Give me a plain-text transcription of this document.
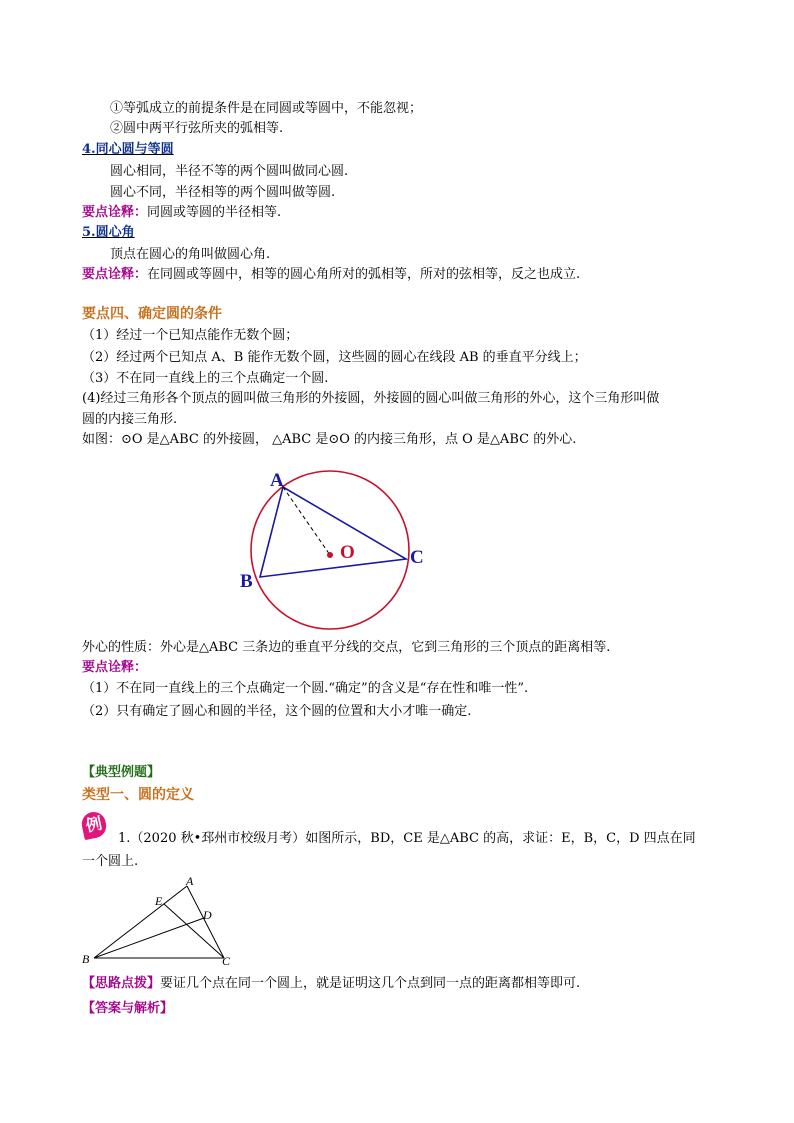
①等弧成立的前提条件是在同圆或等圆中，不能忽视；
②圆中两平行弦所夹的弧相等.
4.同心圆与等圆
圆心相同，半径不等的两个圆叫做同心圆.
圆心不同，半径相等的两个圆叫做等圆.
要点诠释：同圆或等圆的半径相等.
5.圆心角
顶点在圆心的角叫做圆心角.
要点诠释：在同圆或等圆中，相等的圆心角所对的弧相等，所对的弦相等，反之也成立.
要点四、确定圆的条件
（1）经过一个已知点能作无数个圆；
（2）经过两个已知点 A、B 能作无数个圆，这些圆的圆心在线段 AB 的垂直平分线上；
（3）不在同一直线上的三个点确定一个圆.
(4)经过三角形各个顶点的圆叫做三角形的外接圆，外接圆的圆心叫做三角形的外心，这个三角形叫做
圆的内接三角形.
如图：⊙O 是△ABC 的外接圆， △ABC 是⊙O 的内接三角形，点 O 是△ABC 的外心.
A
B
C
O
外心的性质：外心是△ABC 三条边的垂直平分线的交点，它到三角形的三个顶点的距离相等.
要点诠释：
（1）不在同一直线上的三个点确定一个圆.“确定”的含义是“存在性和唯一性”.
（2）只有确定了圆心和圆的半径，这个圆的位置和大小才唯一确定.
【典型例题】
类型一、圆的定义
例
1.（2020 秋•邳州市校级月考）如图所示，BD，CE 是△ABC 的高，求证：E，B，C，D 四点在同
一个圆上.
A
E
D
B	C
【思路点拨】要证几个点在同一个圆上，就是证明这几个点到同一点的距离都相等即可.
【答案与解析】
